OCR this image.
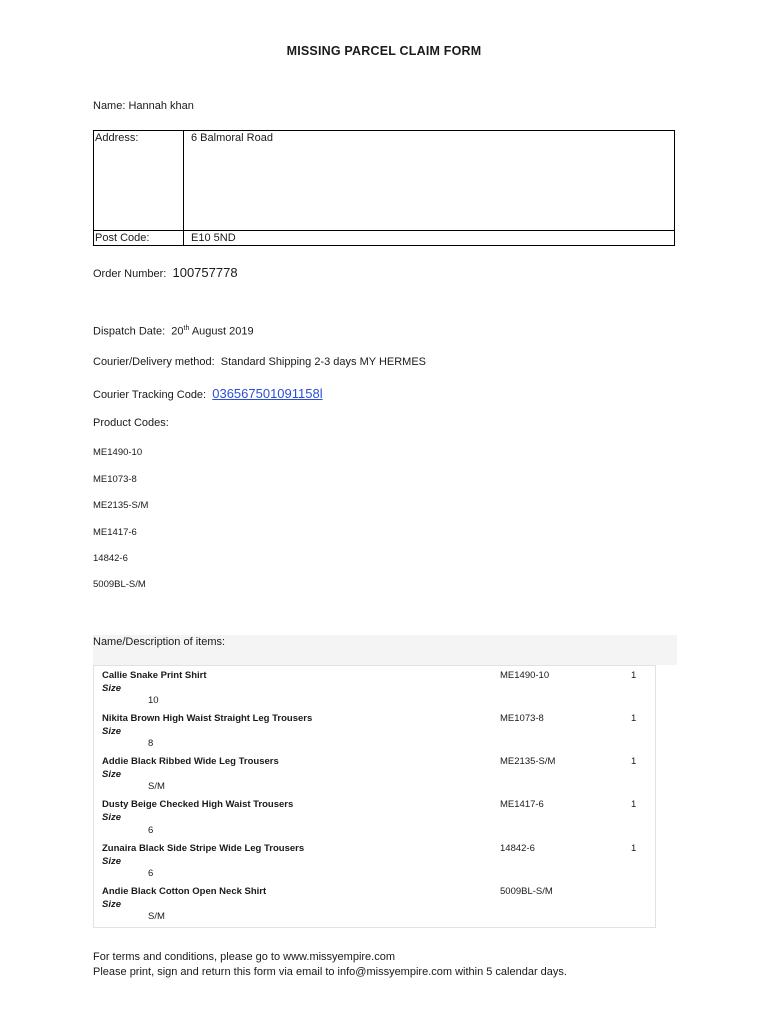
MISSING PARCEL CLAIM FORM
Name: Hannah khan
Address:	6 Balmoral Road
Post Code:	E10 5ND
Order Number: 100757778
Dispatch Date: 20th August 2019
Courier/Delivery method: Standard Shipping 2-3 days MY HERMES
Courier Tracking Code: 036567501091158l
Product Codes:
ME1490-10
ME1073-8
ME2135-S/M
ME1417-6
14842-6
5009BL-S/M
Name/Description of items:
Callie Snake Print Shirt	ME1490-10	1
Size
10
Nikita Brown High Waist Straight Leg Trousers	ME1073-8	1
Size
8
Addie Black Ribbed Wide Leg Trousers	ME2135-S/M	1
Size
S/M
Dusty Beige Checked High Waist Trousers	ME1417-6	1
Size
6
Zunaira Black Side Stripe Wide Leg Trousers	14842-6	1
Size
6
Andie Black Cotton Open Neck Shirt	5009BL-S/M
Size
S/M
For terms and conditions, please go to www.missyempire.com
Please print, sign and return this form via email to info@missyempire.com within 5 calendar days.
